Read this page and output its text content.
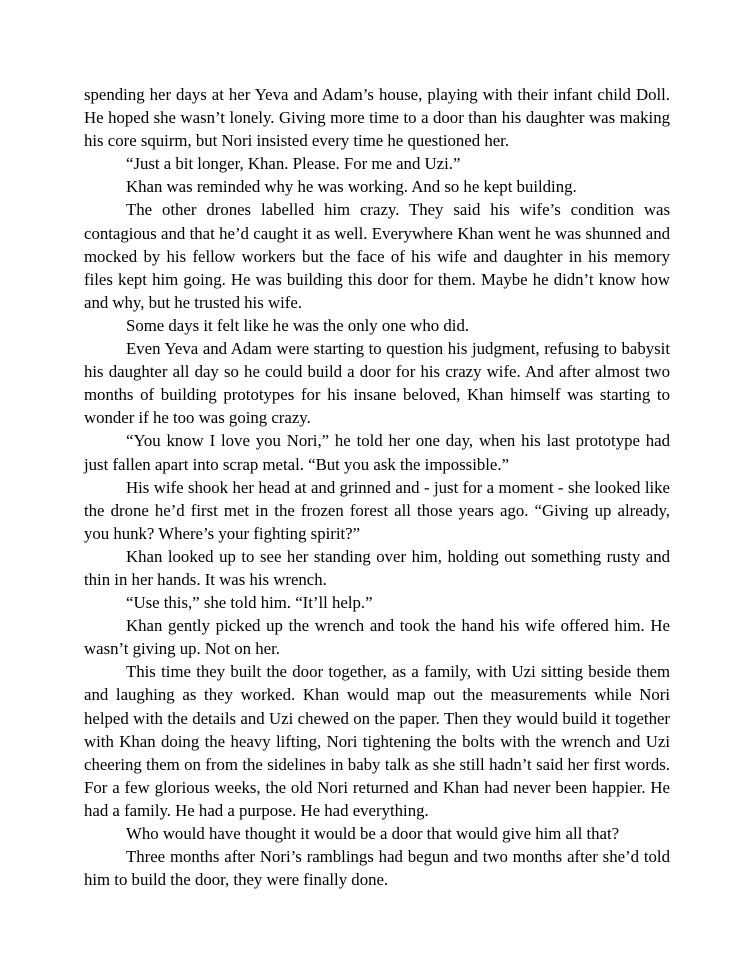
spending her days at her Yeva and Adam’s house, playing with their infant child Doll. He hoped she wasn’t lonely. Giving more time to a door than his daughter was making his core squirm, but Nori insisted every time he questioned her.

“Just a bit longer, Khan. Please. For me and Uzi.”

Khan was reminded why he was working. And so he kept building.

The other drones labelled him crazy. They said his wife’s condition was contagious and that he’d caught it as well. Everywhere Khan went he was shunned and mocked by his fellow workers but the face of his wife and daughter in his memory files kept him going. He was building this door for them. Maybe he didn’t know how and why, but he trusted his wife.

Some days it felt like he was the only one who did.

Even Yeva and Adam were starting to question his judgment, refusing to babysit his daughter all day so he could build a door for his crazy wife. And after almost two months of building prototypes for his insane beloved, Khan himself was starting to wonder if he too was going crazy.

“You know I love you Nori,” he told her one day, when his last prototype had just fallen apart into scrap metal. “But you ask the impossible.”

His wife shook her head at and grinned and - just for a moment - she looked like the drone he’d first met in the frozen forest all those years ago. “Giving up already, you hunk? Where’s your fighting spirit?”

Khan looked up to see her standing over him, holding out something rusty and thin in her hands. It was his wrench.

“Use this,” she told him. “It’ll help.”

Khan gently picked up the wrench and took the hand his wife offered him. He wasn’t giving up. Not on her.

This time they built the door together, as a family, with Uzi sitting beside them and laughing as they worked. Khan would map out the measurements while Nori helped with the details and Uzi chewed on the paper. Then they would build it together with Khan doing the heavy lifting, Nori tightening the bolts with the wrench and Uzi cheering them on from the sidelines in baby talk as she still hadn’t said her first words. For a few glorious weeks, the old Nori returned and Khan had never been happier. He had a family. He had a purpose. He had everything.

Who would have thought it would be a door that would give him all that?

Three months after Nori’s ramblings had begun and two months after she’d told him to build the door, they were finally done.
